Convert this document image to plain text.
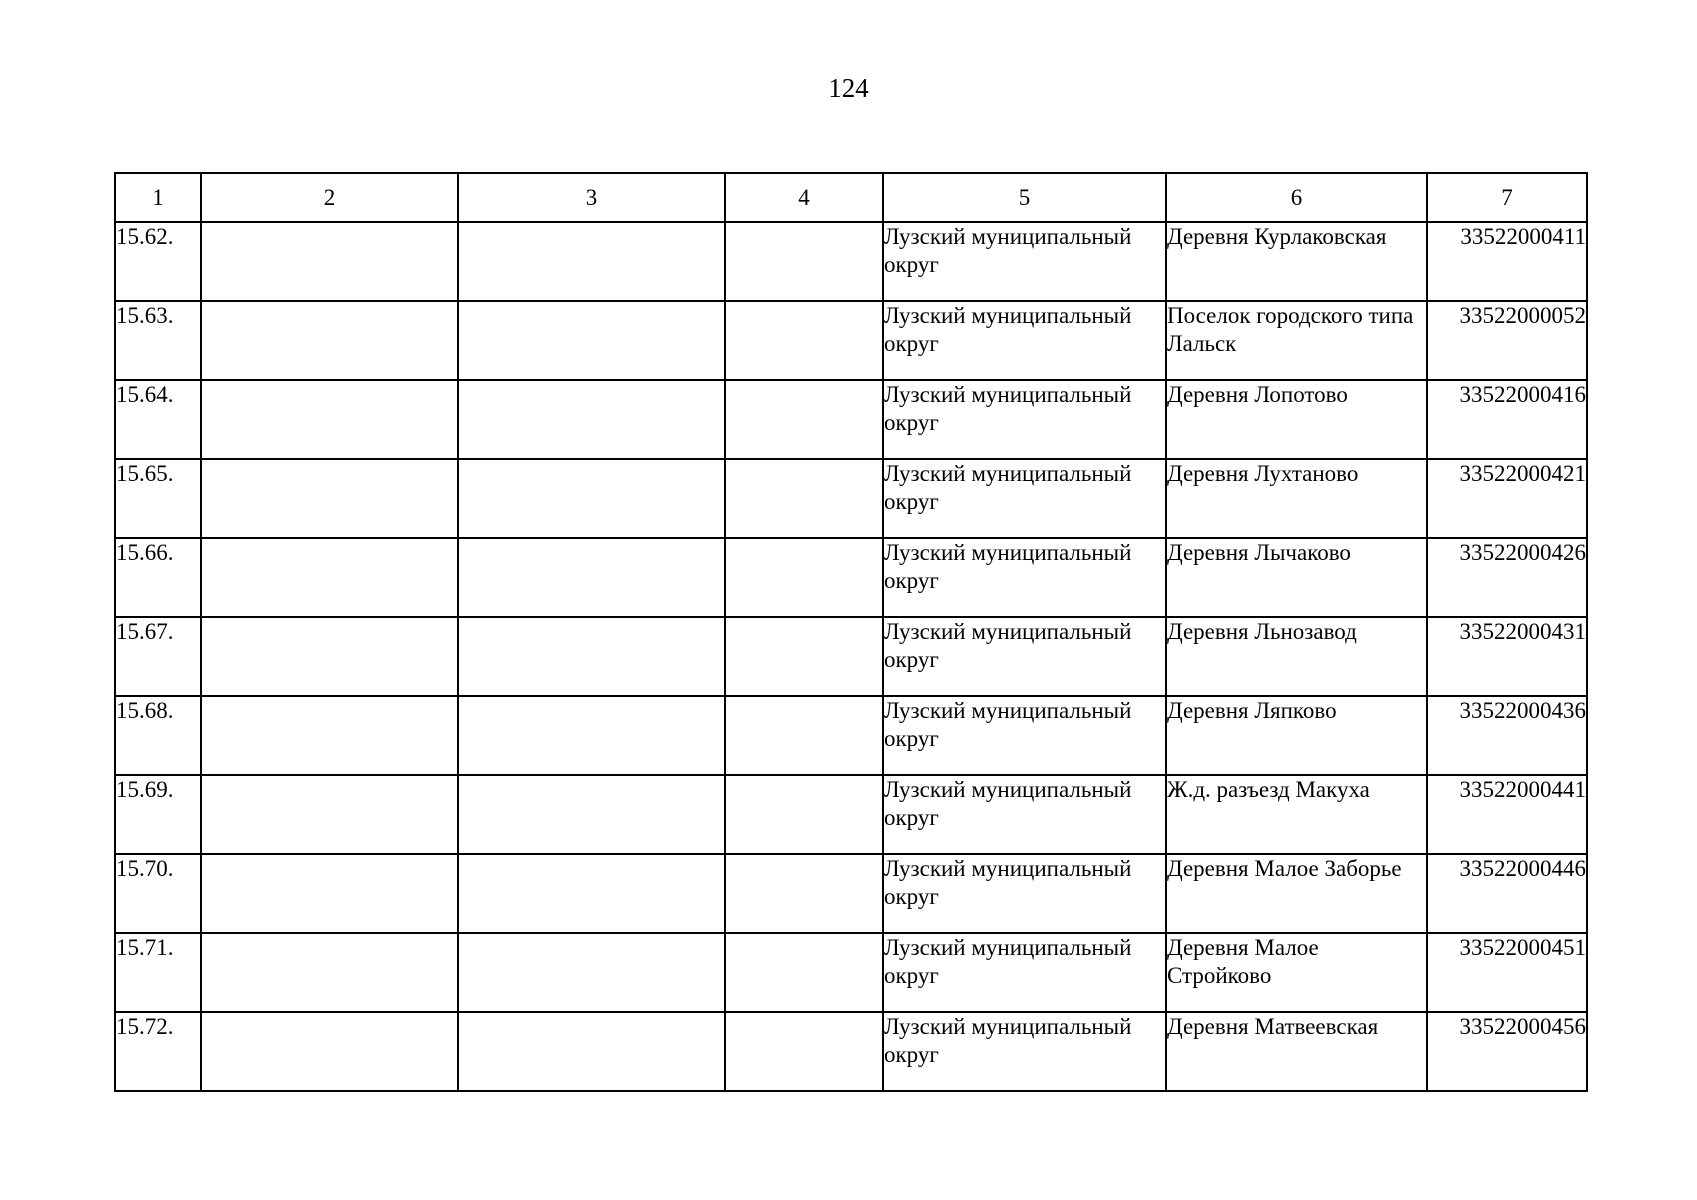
124
1	2	3	4	5	6	7
15.62.				Лузский муниципальный округ	Деревня Курлаковская	33522000411
15.63.				Лузский муниципальный округ	Поселок городского типа Лальск	33522000052
15.64.				Лузский муниципальный округ	Деревня Лопотово	33522000416
15.65.				Лузский муниципальный округ	Деревня Лухтаново	33522000421
15.66.				Лузский муниципальный округ	Деревня Лычаково	33522000426
15.67.				Лузский муниципальный округ	Деревня Льнозавод	33522000431
15.68.				Лузский муниципальный округ	Деревня Ляпково	33522000436
15.69.				Лузский муниципальный округ	Ж.д. разъезд Макуха	33522000441
15.70.				Лузский муниципальный округ	Деревня Малое Заборье	33522000446
15.71.				Лузский муниципальный округ	Деревня Малое Стройково	33522000451
15.72.				Лузский муниципальный округ	Деревня Матвеевская	33522000456
